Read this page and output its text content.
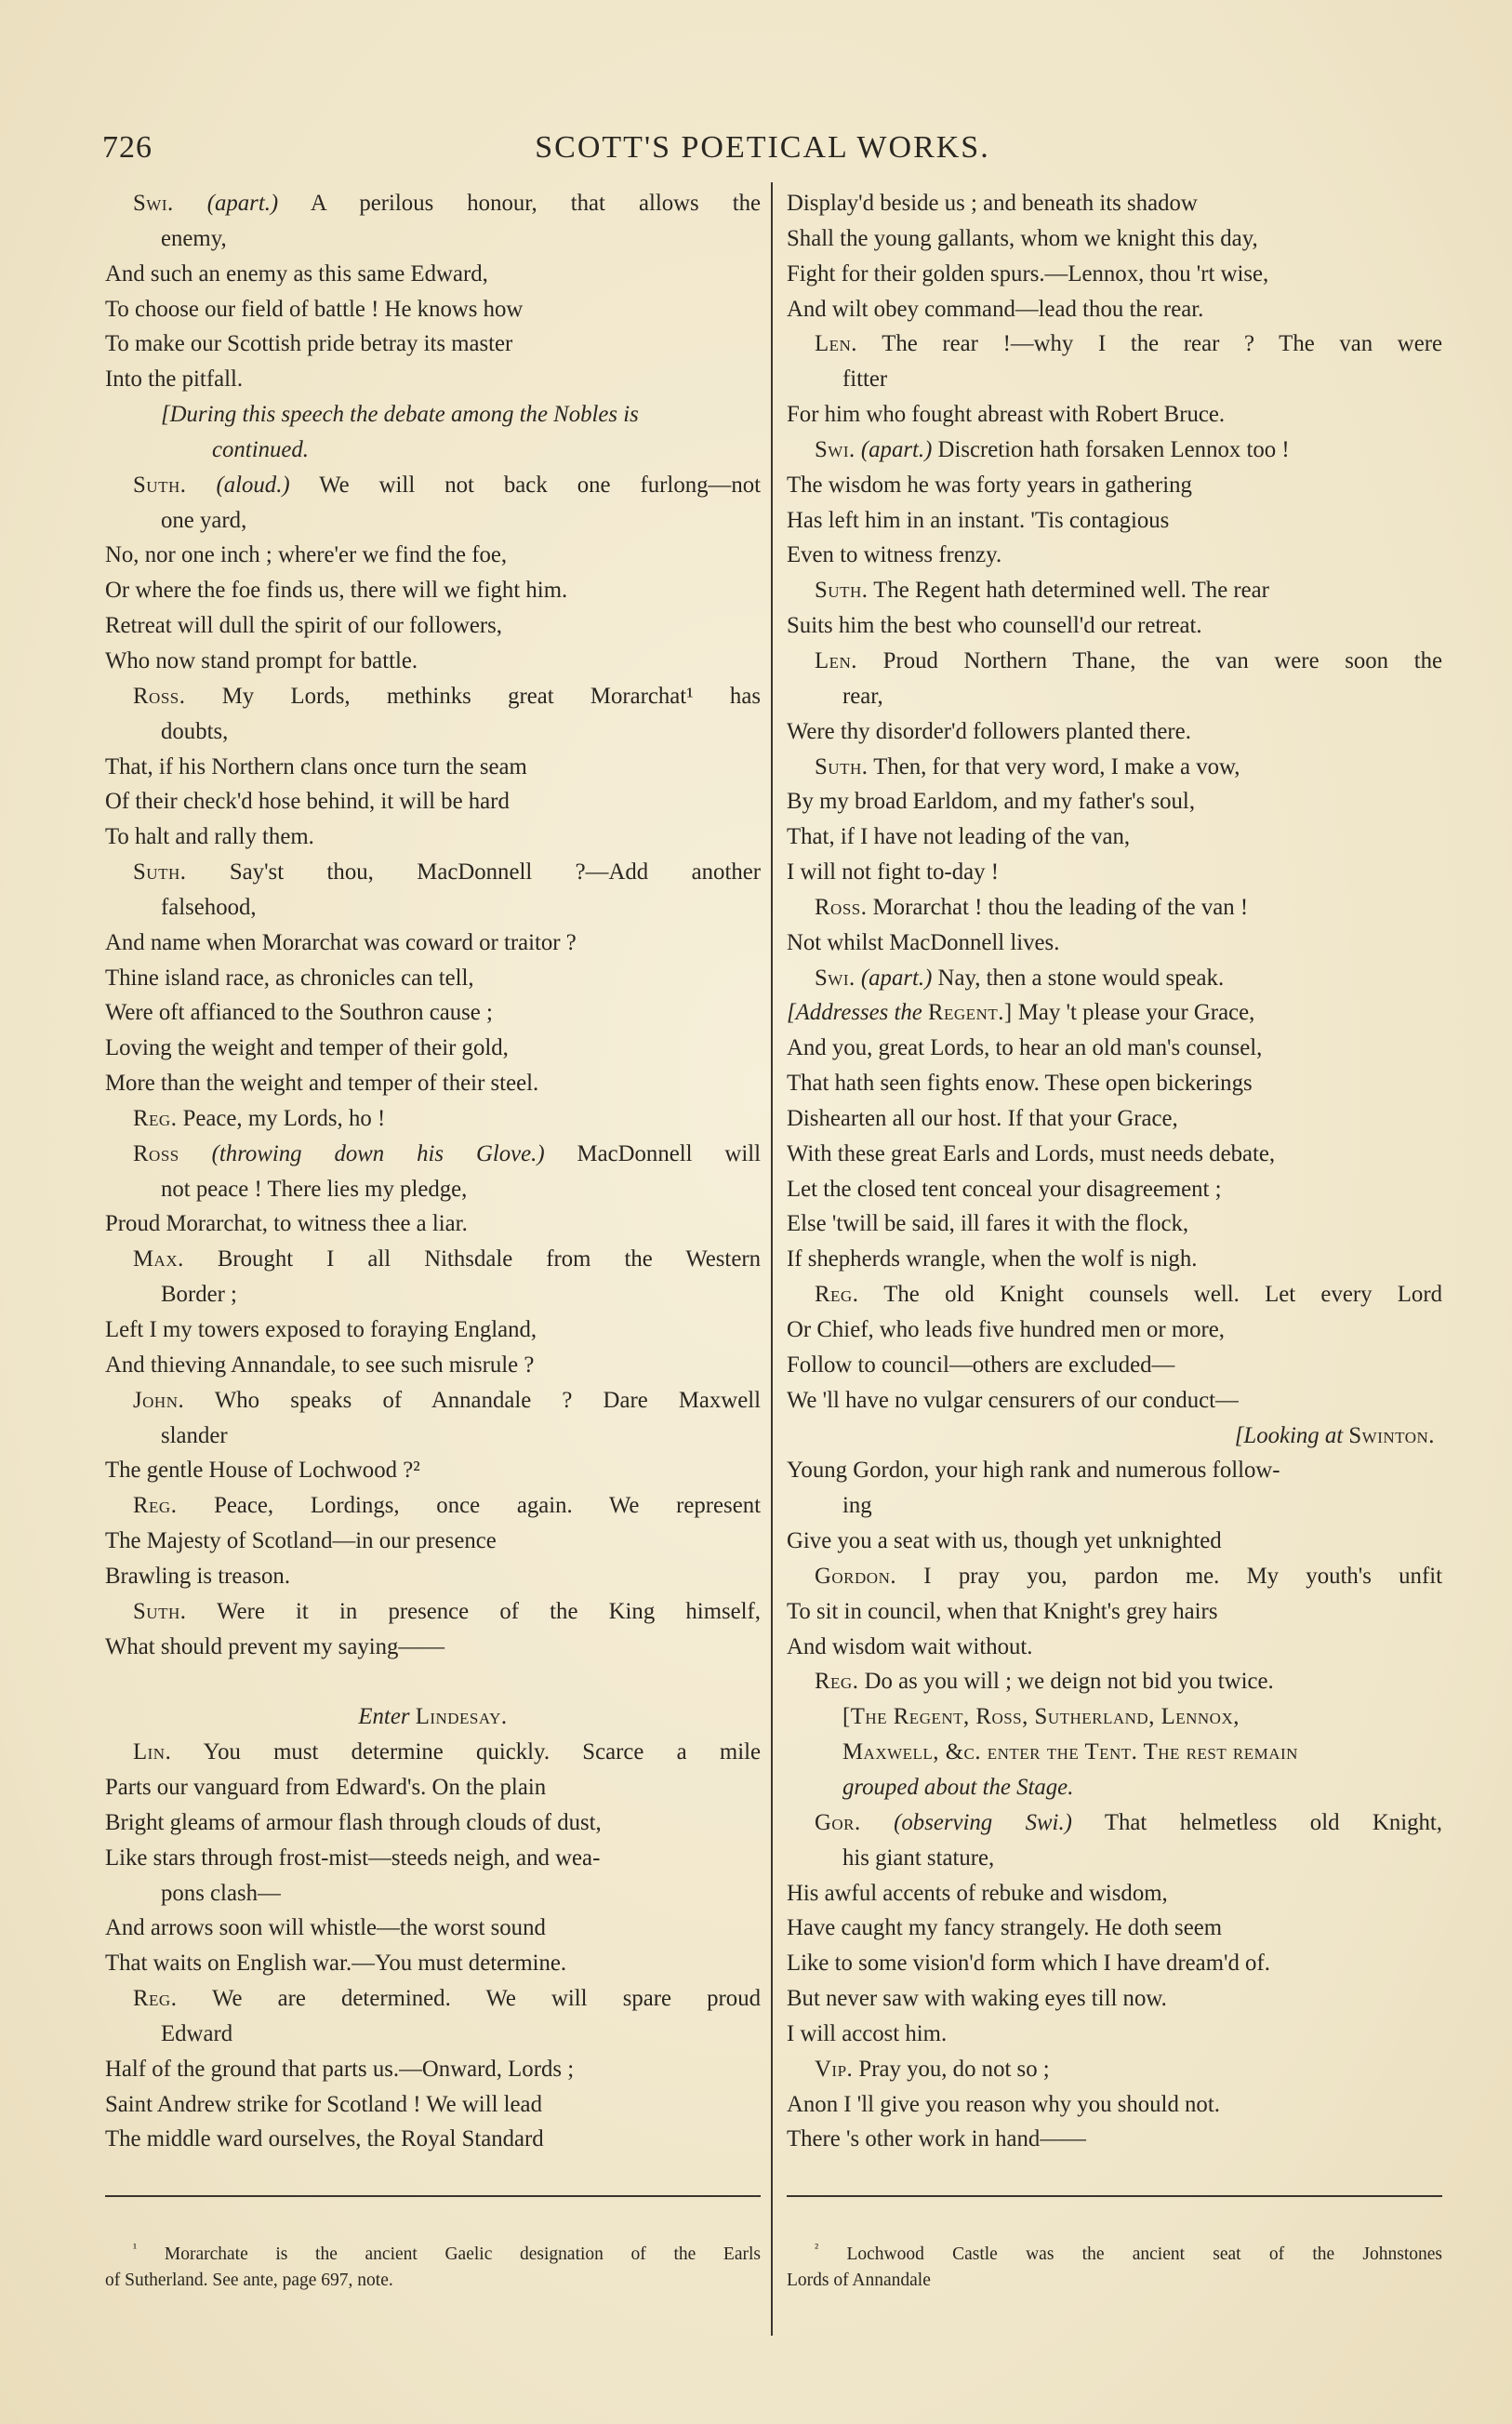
726	SCOTT'S POETICAL WORKS.
Swi. (apart.) A perilous honour, that allows the
enemy,
And such an enemy as this same Edward,
To choose our field of battle ! He knows how
To make our Scottish pride betray its master
Into the pitfall.
[During this speech the debate among the Nobles is
continued.
Suth. (aloud.) We will not back one furlong—not
one yard,
No, nor one inch ; where'er we find the foe,
Or where the foe finds us, there will we fight him.
Retreat will dull the spirit of our followers,
Who now stand prompt for battle.
Ross. My Lords, methinks great Morarchat¹ has
doubts,
That, if his Northern clans once turn the seam
Of their check'd hose behind, it will be hard
To halt and rally them.
Suth. Say'st thou, MacDonnell ?—Add another
falsehood,
And name when Morarchat was coward or traitor ?
Thine island race, as chronicles can tell,
Were oft affianced to the Southron cause ;
Loving the weight and temper of their gold,
More than the weight and temper of their steel.
Reg. Peace, my Lords, ho !
Ross (throwing down his Glove.) MacDonnell will
not peace ! There lies my pledge,
Proud Morarchat, to witness thee a liar.
Max. Brought I all Nithsdale from the Western
Border ;
Left I my towers exposed to foraying England,
And thieving Annandale, to see such misrule ?
John. Who speaks of Annandale ? Dare Maxwell
slander
The gentle House of Lochwood ?²
Reg. Peace, Lordings, once again. We represent
The Majesty of Scotland—in our presence
Brawling is treason.
Suth. Were it in presence of the King himself,
What should prevent my saying——
Enter Lindesay.
Lin. You must determine quickly. Scarce a mile
Parts our vanguard from Edward's. On the plain
Bright gleams of armour flash through clouds of dust,
Like stars through frost-mist—steeds neigh, and wea-
pons clash—
And arrows soon will whistle—the worst sound
That waits on English war.—You must determine.
Reg. We are determined. We will spare proud
Edward
Half of the ground that parts us.—Onward, Lords ;
Saint Andrew strike for Scotland ! We will lead
The middle ward ourselves, the Royal Standard
Display'd beside us ; and beneath its shadow
Shall the young gallants, whom we knight this day,
Fight for their golden spurs.—Lennox, thou 'rt wise,
And wilt obey command—lead thou the rear.
Len. The rear !—why I the rear ? The van were
fitter
For him who fought abreast with Robert Bruce.
Swi. (apart.) Discretion hath forsaken Lennox too !
The wisdom he was forty years in gathering
Has left him in an instant. 'Tis contagious
Even to witness frenzy.
Suth. The Regent hath determined well. The rear
Suits him the best who counsell'd our retreat.
Len. Proud Northern Thane, the van were soon the
rear,
Were thy disorder'd followers planted there.
Suth. Then, for that very word, I make a vow,
By my broad Earldom, and my father's soul,
That, if I have not leading of the van,
I will not fight to-day !
Ross. Morarchat ! thou the leading of the van !
Not whilst MacDonnell lives.
Swi. (apart.) Nay, then a stone would speak.
[Addresses the Regent.] May 't please your Grace,
And you, great Lords, to hear an old man's counsel,
That hath seen fights enow. These open bickerings
Dishearten all our host. If that your Grace,
With these great Earls and Lords, must needs debate,
Let the closed tent conceal your disagreement ;
Else 'twill be said, ill fares it with the flock,
If shepherds wrangle, when the wolf is nigh.
Reg. The old Knight counsels well. Let every Lord
Or Chief, who leads five hundred men or more,
Follow to council—others are excluded—
We 'll have no vulgar censurers of our conduct—
[Looking at Swinton.
Young Gordon, your high rank and numerous follow-
ing
Give you a seat with us, though yet unknighted
Gordon. I pray you, pardon me. My youth's unfit
To sit in council, when that Knight's grey hairs
And wisdom wait without.
Reg. Do as you will ; we deign not bid you twice.
[The Regent, Ross, Sutherland, Lennox,
Maxwell, &c. enter the Tent. The rest remain
grouped about the Stage.
Gor. (observing Swi.) That helmetless old Knight,
his giant stature,
His awful accents of rebuke and wisdom,
Have caught my fancy strangely. He doth seem
Like to some vision'd form which I have dream'd of.
But never saw with waking eyes till now.
I will accost him.
Vip. Pray you, do not so ;
Anon I 'll give you reason why you should not.
There 's other work in hand——
$^{^1}$ Morarchate is the ancient Gaelic designation of the Earls
of Sutherland. See ante, page 697, note.
$^{^2}$ Lochwood Castle was the ancient seat of the Johnstones
Lords of Annandale
